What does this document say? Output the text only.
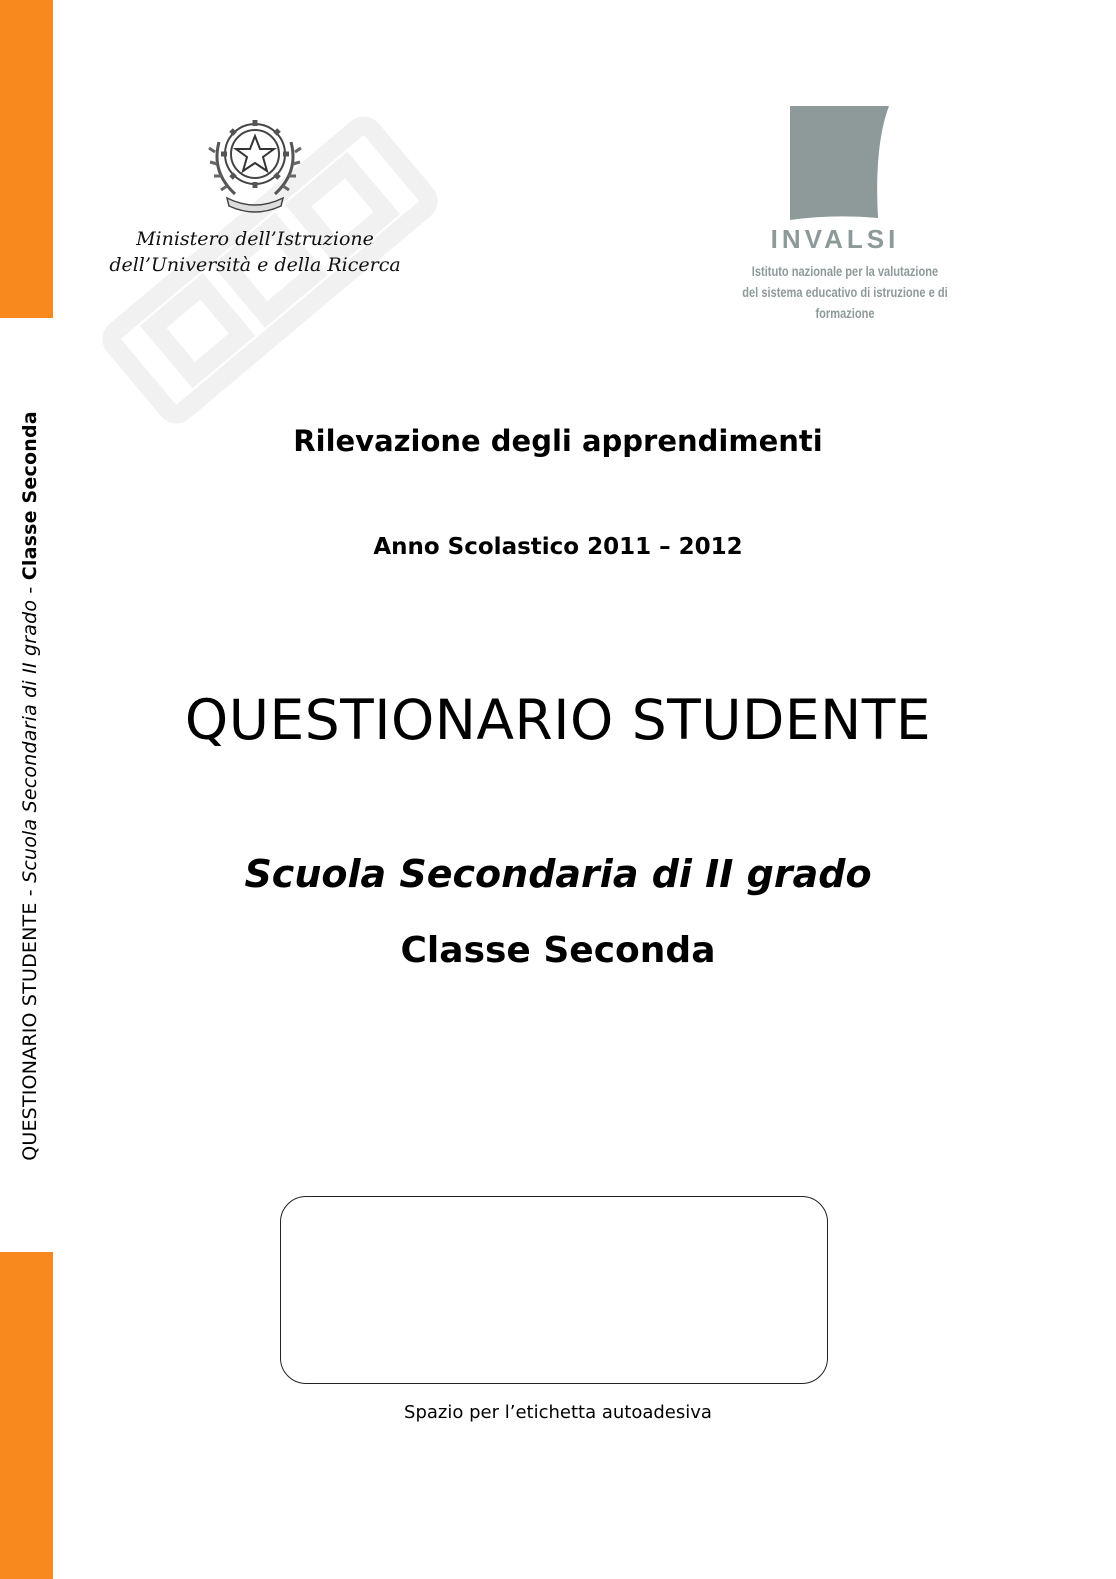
QUESTIONARIO STUDENTE - Scuola Secondaria di II grado - Classe Seconda
Ministero dell’Istruzione
dell’Università e della Ricerca
INVALSI
Istituto nazionale per la valutazione
del sistema educativo di istruzione e di formazione
Rilevazione degli apprendimenti
Anno Scolastico 2011 – 2012
QUESTIONARIO STUDENTE
Scuola Secondaria di II grado
Classe Seconda
Spazio per l’etichetta autoadesiva
